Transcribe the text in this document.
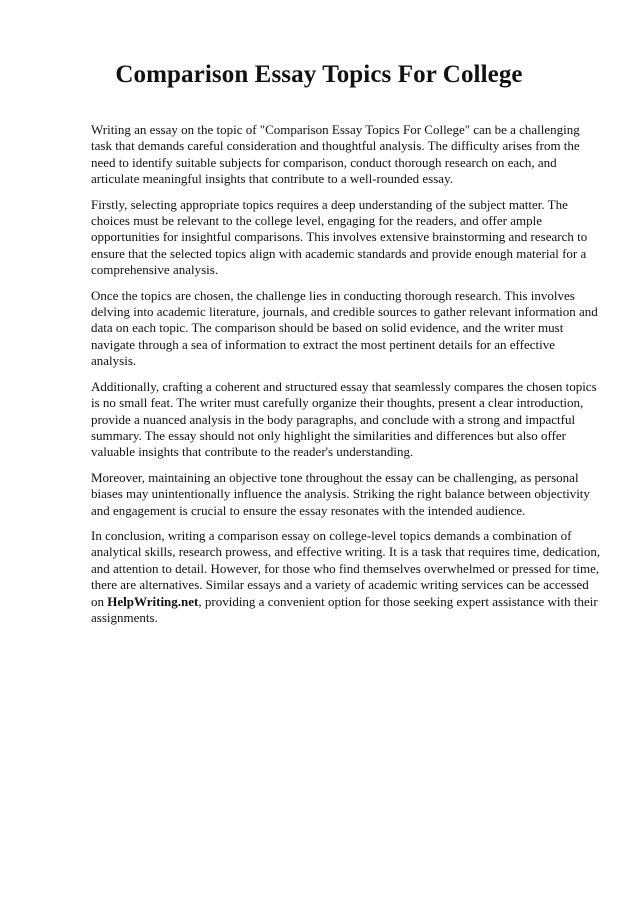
Comparison Essay Topics For College

Writing an essay on the topic of "Comparison Essay Topics For College" can be a challenging task that demands careful consideration and thoughtful analysis. The difficulty arises from the need to identify suitable subjects for comparison, conduct thorough research on each, and articulate meaningful insights that contribute to a well-rounded essay.

Firstly, selecting appropriate topics requires a deep understanding of the subject matter. The choices must be relevant to the college level, engaging for the readers, and offer ample opportunities for insightful comparisons. This involves extensive brainstorming and research to ensure that the selected topics align with academic standards and provide enough material for a comprehensive analysis.

Once the topics are chosen, the challenge lies in conducting thorough research. This involves delving into academic literature, journals, and credible sources to gather relevant information and data on each topic. The comparison should be based on solid evidence, and the writer must navigate through a sea of information to extract the most pertinent details for an effective analysis.

Additionally, crafting a coherent and structured essay that seamlessly compares the chosen topics is no small feat. The writer must carefully organize their thoughts, present a clear introduction, provide a nuanced analysis in the body paragraphs, and conclude with a strong and impactful summary. The essay should not only highlight the similarities and differences but also offer valuable insights that contribute to the reader's understanding.

Moreover, maintaining an objective tone throughout the essay can be challenging, as personal biases may unintentionally influence the analysis. Striking the right balance between objectivity and engagement is crucial to ensure the essay resonates with the intended audience.

In conclusion, writing a comparison essay on college-level topics demands a combination of analytical skills, research prowess, and effective writing. It is a task that requires time, dedication, and attention to detail. However, for those who find themselves overwhelmed or pressed for time, there are alternatives. Similar essays and a variety of academic writing services can be accessed on HelpWriting.net, providing a convenient option for those seeking expert assistance with their assignments.
